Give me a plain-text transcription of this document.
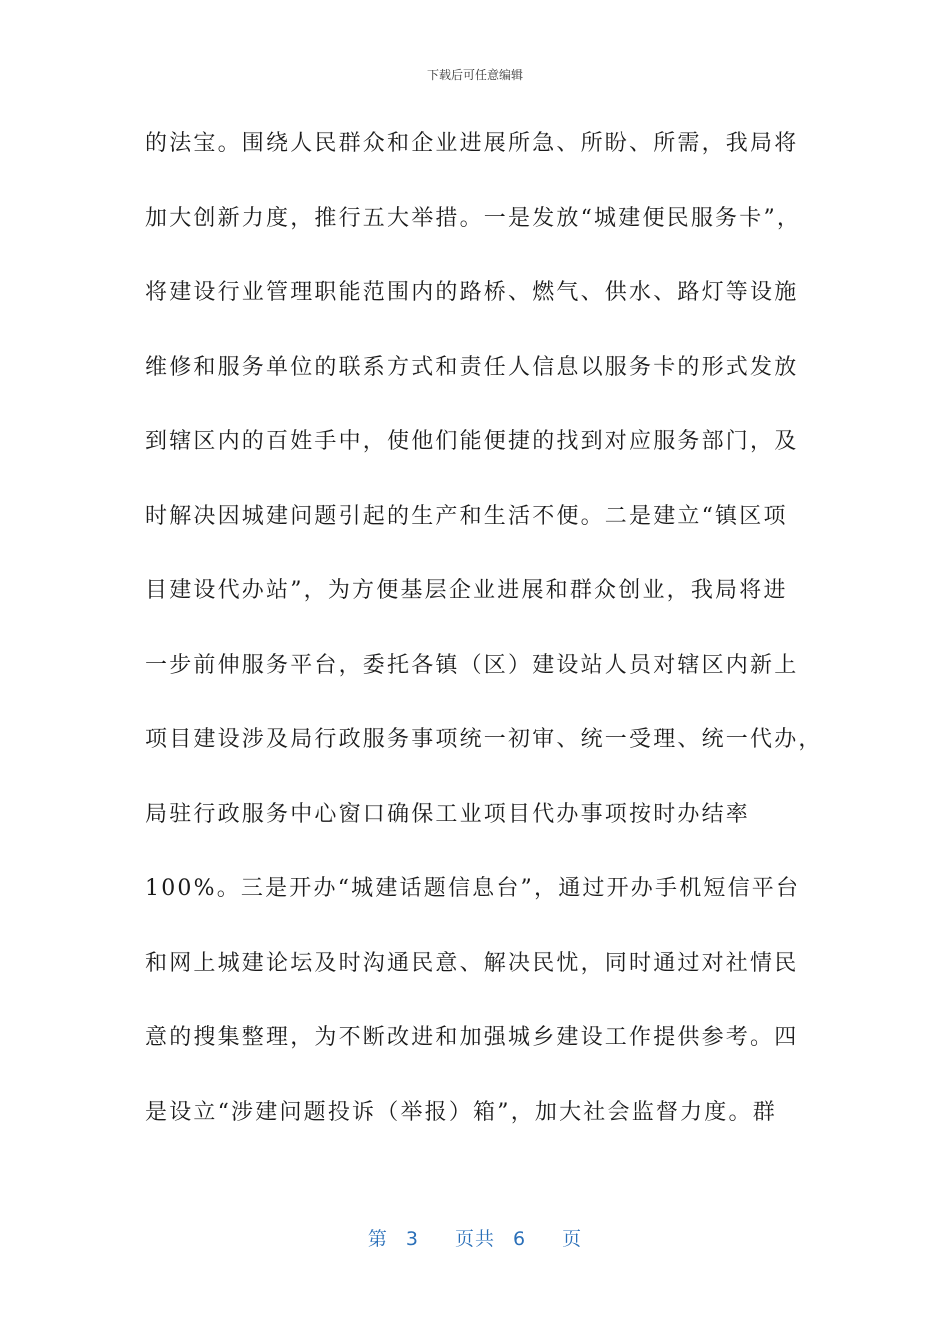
下载后可任意编辑
的法宝。围绕人民群众和企业进展所急、所盼、所需，我局将
加大创新力度，推行五大举措。一是发放“城建便民服务卡”，
将建设行业管理职能范围内的路桥、燃气、供水、路灯等设施
维修和服务单位的联系方式和责任人信息以服务卡的形式发放
到辖区内的百姓手中，使他们能便捷的找到对应服务部门，及
时解决因城建问题引起的生产和生活不便。二是建立“镇区项
目建设代办站”，为方便基层企业进展和群众创业，我局将进
一步前伸服务平台，委托各镇（区）建设站人员对辖区内新上
项目建设涉及局行政服务事项统一初审、统一受理、统一代办，
局驻行政服务中心窗口确保工业项目代办事项按时办结率
100%。三是开办“城建话题信息台”，通过开办手机短信平台
和网上城建论坛及时沟通民意、解决民忧，同时通过对社情民
意的搜集整理，为不断改进和加强城乡建设工作提供参考。四
是设立“涉建问题投诉（举报）箱”，加大社会监督力度。群
第 3 页共 6 页
